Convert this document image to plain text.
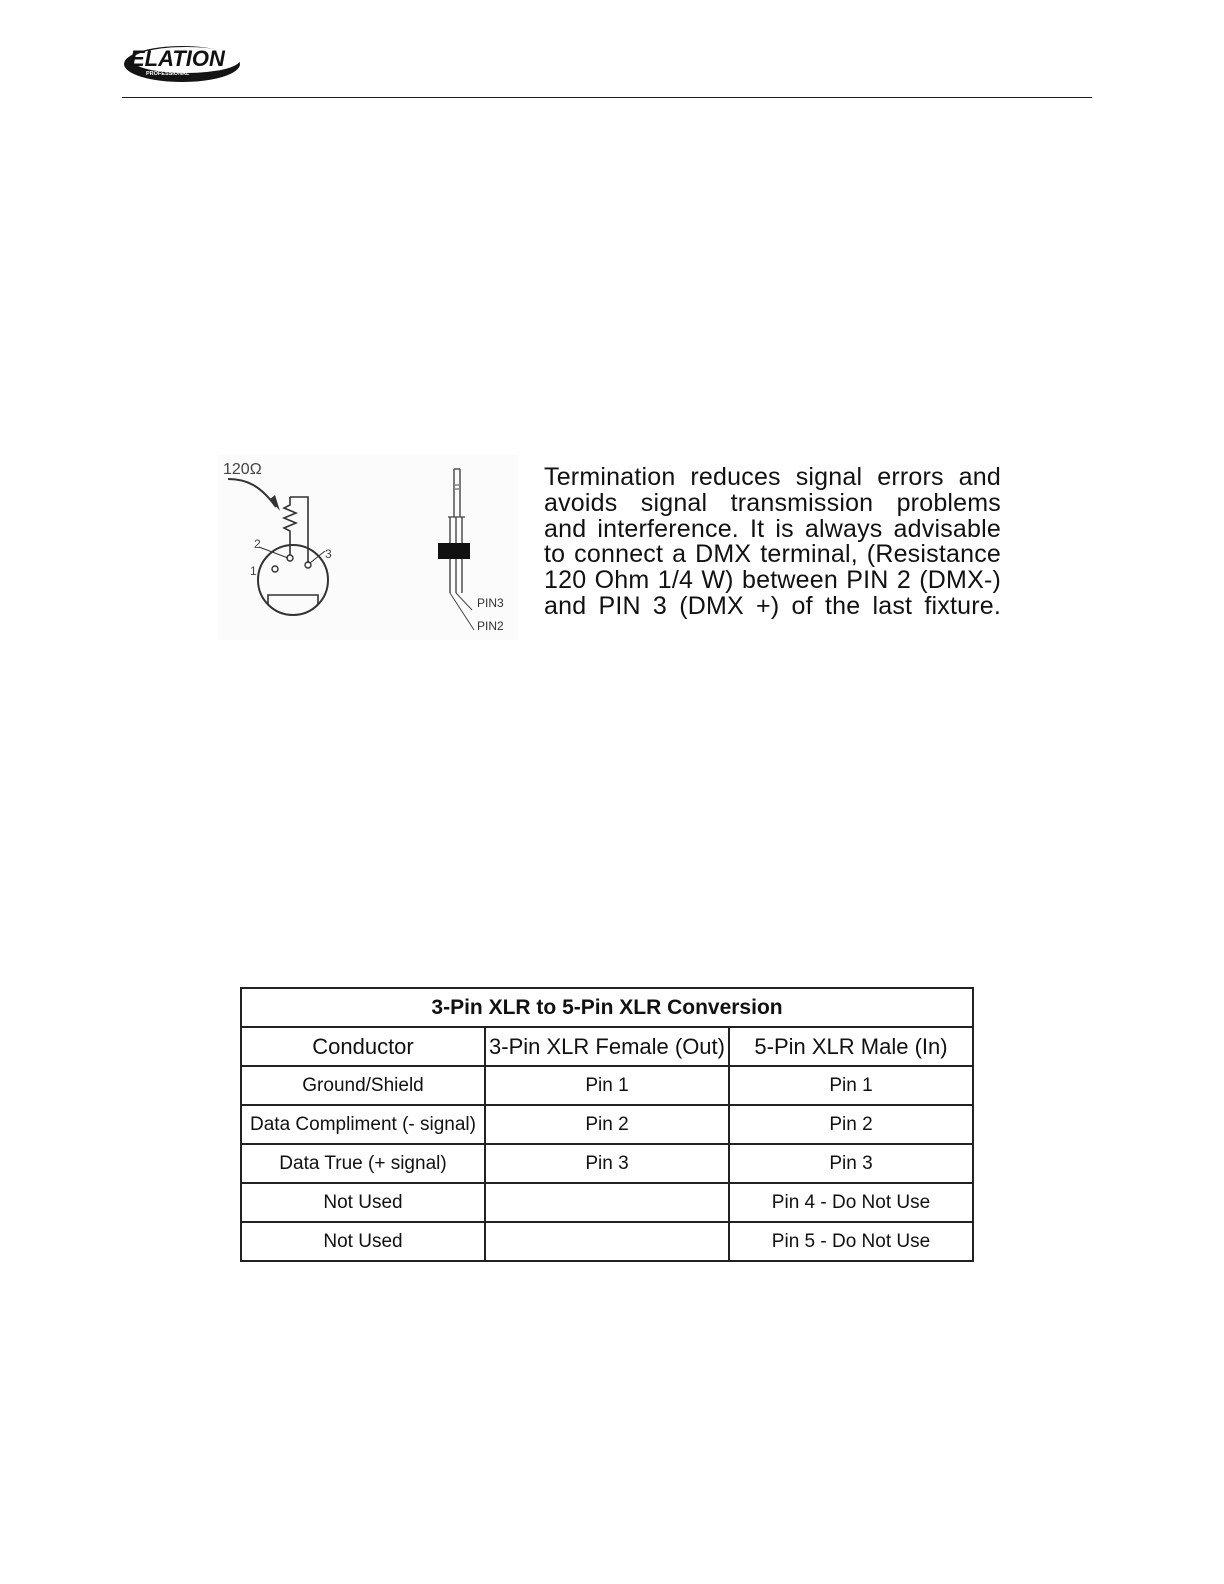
ELATION
PROFESSIONAL
120Ω
2
3
1
PIN3
PIN2
Termination reduces signal errors and
avoids signal transmission problems
and interference. It is always advisable
to connect a DMX terminal, (Resistance
120 Ohm 1/4 W) between PIN 2 (DMX-)
and PIN 3 (DMX +) of the last fixture.
3-Pin XLR to 5-Pin XLR Conversion		
Conductor	3-Pin XLR Female (Out)	5-Pin XLR Male (In)
Ground/Shield	Pin 1	Pin 1
Data Compliment (- signal)	Pin 2	Pin 2
Data True (+ signal)	Pin 3	Pin 3
Not Used		Pin 4 - Do Not Use
Not Used		Pin 5 - Do Not Use
